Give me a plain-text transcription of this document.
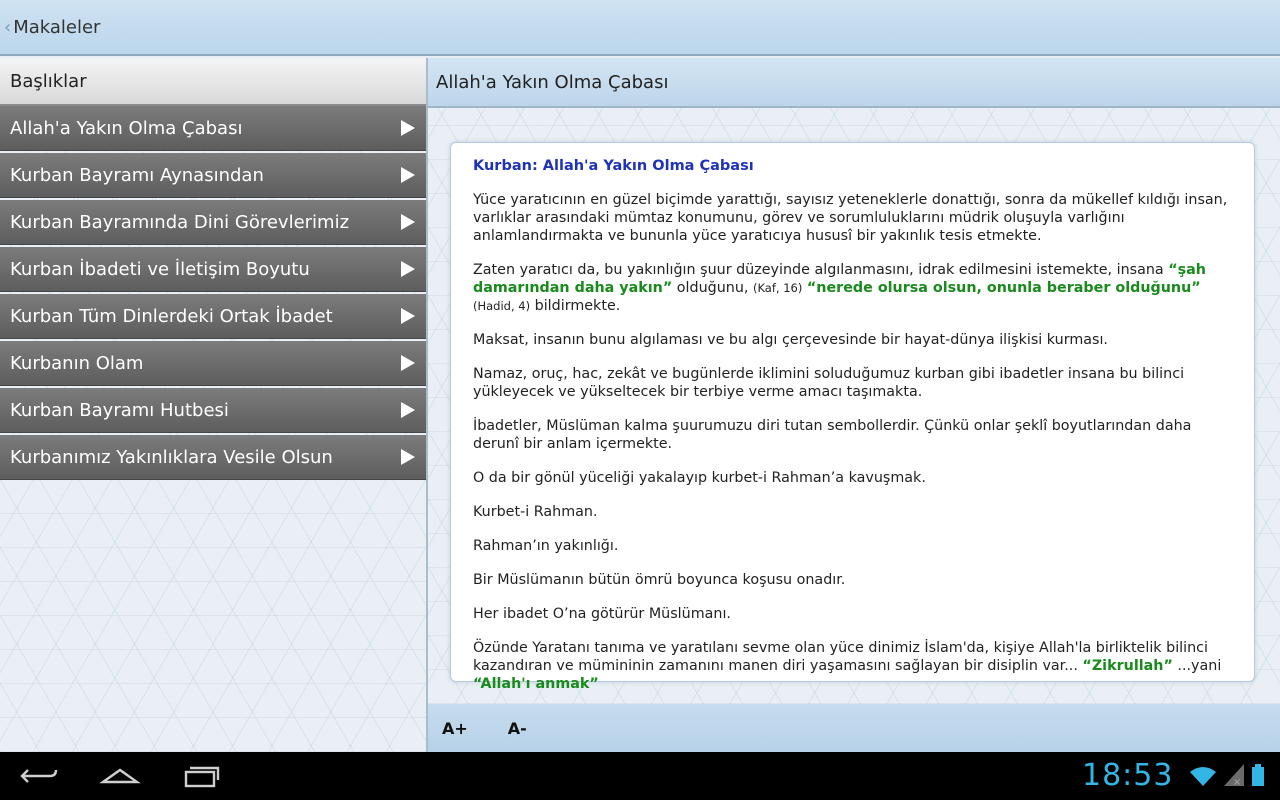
‹ Makaleler
Başlıklar
Allah'a Yakın Olma Çabası
Kurban Bayramı Aynasından
Kurban Bayramında Dini Görevlerimiz
Kurban İbadeti ve İletişim Boyutu
Kurban Tüm Dinlerdeki Ortak İbadet
Kurbanın Olam
Kurban Bayramı Hutbesi
Kurbanımız Yakınlıklara Vesile Olsun
Allah'a Yakın Olma Çabası
Kurban: Allah'a Yakın Olma Çabası

Yüce yaratıcının en güzel biçimde yarattığı, sayısız yeteneklerle donattığı, sonra da mükellef kıldığı insan, varlıklar arasındaki mümtaz konumunu, görev ve sorumluluklarını müdrik oluşuyla varlığını anlamlandırmakta ve bununla yüce yaratıcıya hususî bir yakınlık tesis etmekte.

Zaten yaratıcı da, bu yakınlığın şuur düzeyinde algılanmasını, idrak edilmesini istemekte, insana “şah damarından daha yakın” olduğunu, (Kaf, 16) “nerede olursa olsun, onunla beraber olduğunu” (Hadid, 4) bildirmekte.

Maksat, insanın bunu algılaması ve bu algı çerçevesinde bir hayat-dünya ilişkisi kurması.

Namaz, oruç, hac, zekât ve bugünlerde iklimini soluduğumuz kurban gibi ibadetler insana bu bilinci yükleyecek ve yükseltecek bir terbiye verme amacı taşımakta.

İbadetler, Müslüman kalma şuurumuzu diri tutan sembollerdir. Çünkü onlar şeklî boyutlarından daha derunî bir anlam içermekte.

O da bir gönül yüceliği yakalayıp kurbet-i Rahman’a kavuşmak.

Kurbet-i Rahman.

Rahman’ın yakınlığı.

Bir Müslümanın bütün ömrü boyunca koşusu onadır.

Her ibadet O’na götürür Müslümanı.

Özünde Yaratanı tanıma ve yaratılanı sevme olan yüce dinimiz İslam'da, kişiye Allah'la birliktelik bilinci kazandıran ve mümininin zamanını manen diri yaşamasını sağlayan bir disiplin var... “Zikrullah” ...yani “Allah'ı anmak”

A+	A-
18:53	×
